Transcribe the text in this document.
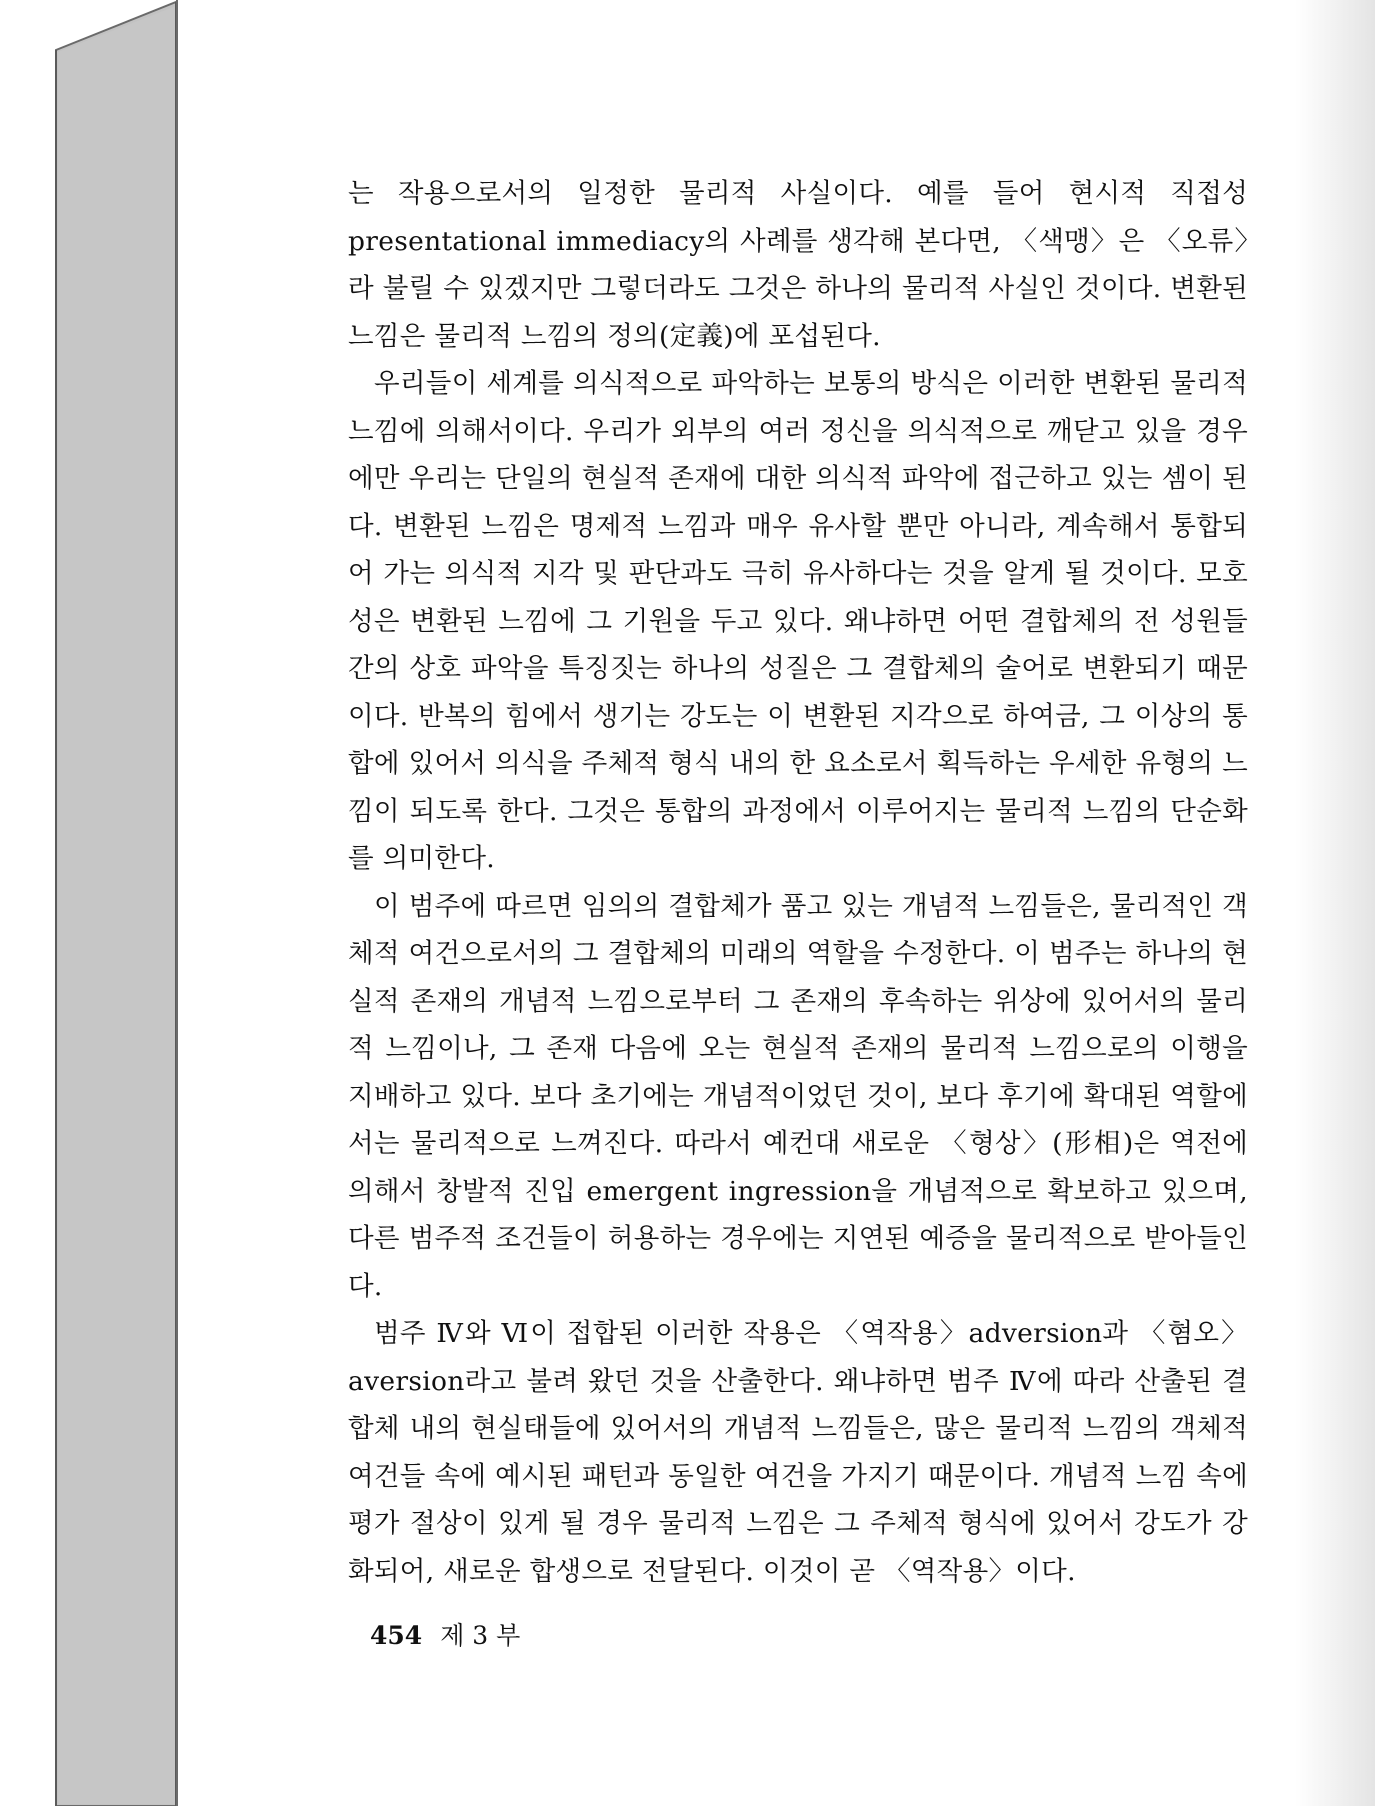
는 작용으로서의 일정한 물리적 사실이다. 예를 들어 현시적 직접성 presentational immediacy의 사례를 생각해 본다면, 〈색맹〉은 〈오류〉라 불릴 수 있겠지만 그렇더라도 그것은 하나의 물리적 사실인 것이다. 변환된 느낌은 물리적 느낌의 정의(定義)에 포섭된다.

우리들이 세계를 의식적으로 파악하는 보통의 방식은 이러한 변환된 물리적 느낌에 의해서이다. 우리가 외부의 여러 정신을 의식적으로 깨닫고 있을 경우에만 우리는 단일의 현실적 존재에 대한 의식적 파악에 접근하고 있는 셈이 된다. 변환된 느낌은 명제적 느낌과 매우 유사할 뿐만 아니라, 계속해서 통합되어 가는 의식적 지각 및 판단과도 극히 유사하다는 것을 알게 될 것이다. 모호성은 변환된 느낌에 그 기원을 두고 있다. 왜냐하면 어떤 결합체의 전 성원들간의 상호 파악을 특징짓는 하나의 성질은 그 결합체의 술어로 변환되기 때문이다. 반복의 힘에서 생기는 강도는 이 변환된 지각으로 하여금, 그 이상의 통합에 있어서 의식을 주체적 형식 내의 한 요소로서 획득하는 우세한 유형의 느낌이 되도록 한다. 그것은 통합의 과정에서 이루어지는 물리적 느낌의 단순화를 의미한다.

이 범주에 따르면 임의의 결합체가 품고 있는 개념적 느낌들은, 물리적인 객체적 여건으로서의 그 결합체의 미래의 역할을 수정한다. 이 범주는 하나의 현실적 존재의 개념적 느낌으로부터 그 존재의 후속하는 위상에 있어서의 물리적 느낌이나, 그 존재 다음에 오는 현실적 존재의 물리적 느낌으로의 이행을 지배하고 있다. 보다 초기에는 개념적이었던 것이, 보다 후기에 확대된 역할에서는 물리적으로 느껴진다. 따라서 예컨대 새로운 〈형상〉(形相)은 역전에 의해서 창발적 진입 emergent ingression을 개념적으로 확보하고 있으며, 다른 범주적 조건들이 허용하는 경우에는 지연된 예증을 물리적으로 받아들인다.

범주 Ⅳ와 Ⅵ이 접합된 이러한 작용은 〈역작용〉adversion과 〈혐오〉aversion라고 불려 왔던 것을 산출한다. 왜냐하면 범주 Ⅳ에 따라 산출된 결합체 내의 현실태들에 있어서의 개념적 느낌들은, 많은 물리적 느낌의 객체적 여건들 속에 예시된 패턴과 동일한 여건을 가지기 때문이다. 개념적 느낌 속에 평가 절상이 있게 될 경우 물리적 느낌은 그 주체적 형식에 있어서 강도가 강화되어, 새로운 합생으로 전달된다. 이것이 곧 〈역작용〉이다.

454 제 3 부
